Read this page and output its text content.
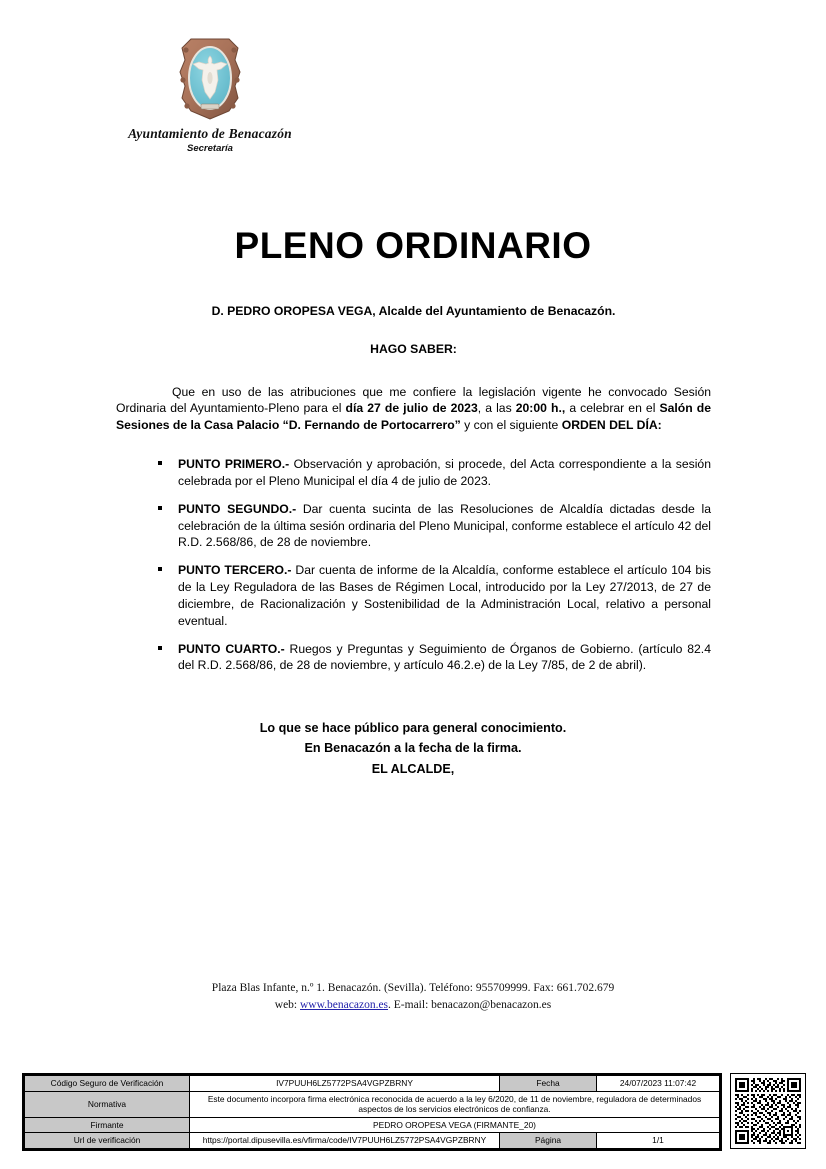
Ayuntamiento de Benacazón
Secretaría
PLENO ORDINARIO
D. PEDRO OROPESA VEGA, Alcalde del Ayuntamiento de Benacazón.
HAGO SABER:

Que en uso de las atribuciones que me confiere la legislación vigente he convocado Sesión Ordinaria del Ayuntamiento-Pleno para el día 27 de julio de 2023, a las 20:00 h., a celebrar en el Salón de Sesiones de la Casa Palacio “D. Fernando de Portocarrero” y con el siguiente ORDEN DEL DÍA:

PUNTO PRIMERO.- Observación y aprobación, si procede, del Acta correspondiente a la sesión celebrada por el Pleno Municipal el día 4 de julio de 2023.
PUNTO SEGUNDO.- Dar cuenta sucinta de las Resoluciones de Alcaldía dictadas desde la celebración de la última sesión ordinaria del Pleno Municipal, conforme establece el artículo 42 del R.D. 2.568/86, de 28 de noviembre.
PUNTO TERCERO.- Dar cuenta de informe de la Alcaldía, conforme establece el artículo 104 bis de la Ley Reguladora de las Bases de Régimen Local, introducido por la Ley 27/2013, de 27 de diciembre, de Racionalización y Sostenibilidad de la Administración Local, relativo a personal eventual.
PUNTO CUARTO.- Ruegos y Preguntas y Seguimiento de Órganos de Gobierno. (artículo 82.4 del R.D. 2.568/86, de 28 de noviembre, y artículo 46.2.e) de la Ley 7/85, de 2 de abril).
Lo que se hace público para general conocimiento.
En Benacazón a la fecha de la firma.
EL ALCALDE,
Plaza Blas Infante, n.º 1. Benacazón. (Sevilla). Teléfono: 955709999. Fax: 661.702.679
web: www.benacazon.es. E-mail: benacazon@benacazon.es
Código Seguro de Verificación	IV7PUUH6LZ5772PSA4VGPZBRNY	Fecha	24/07/2023 11:07:42
Normativa	Este documento incorpora firma electrónica reconocida de acuerdo a la ley 6/2020, de 11 de noviembre, reguladora de determinados aspectos de los servicios electrónicos de confianza.		
Firmante	PEDRO OROPESA VEGA (FIRMANTE_20)		
Url de verificación	https://portal.dipusevilla.es/vfirma/code/IV7PUUH6LZ5772PSA4VGPZBRNY	Página	1/1
